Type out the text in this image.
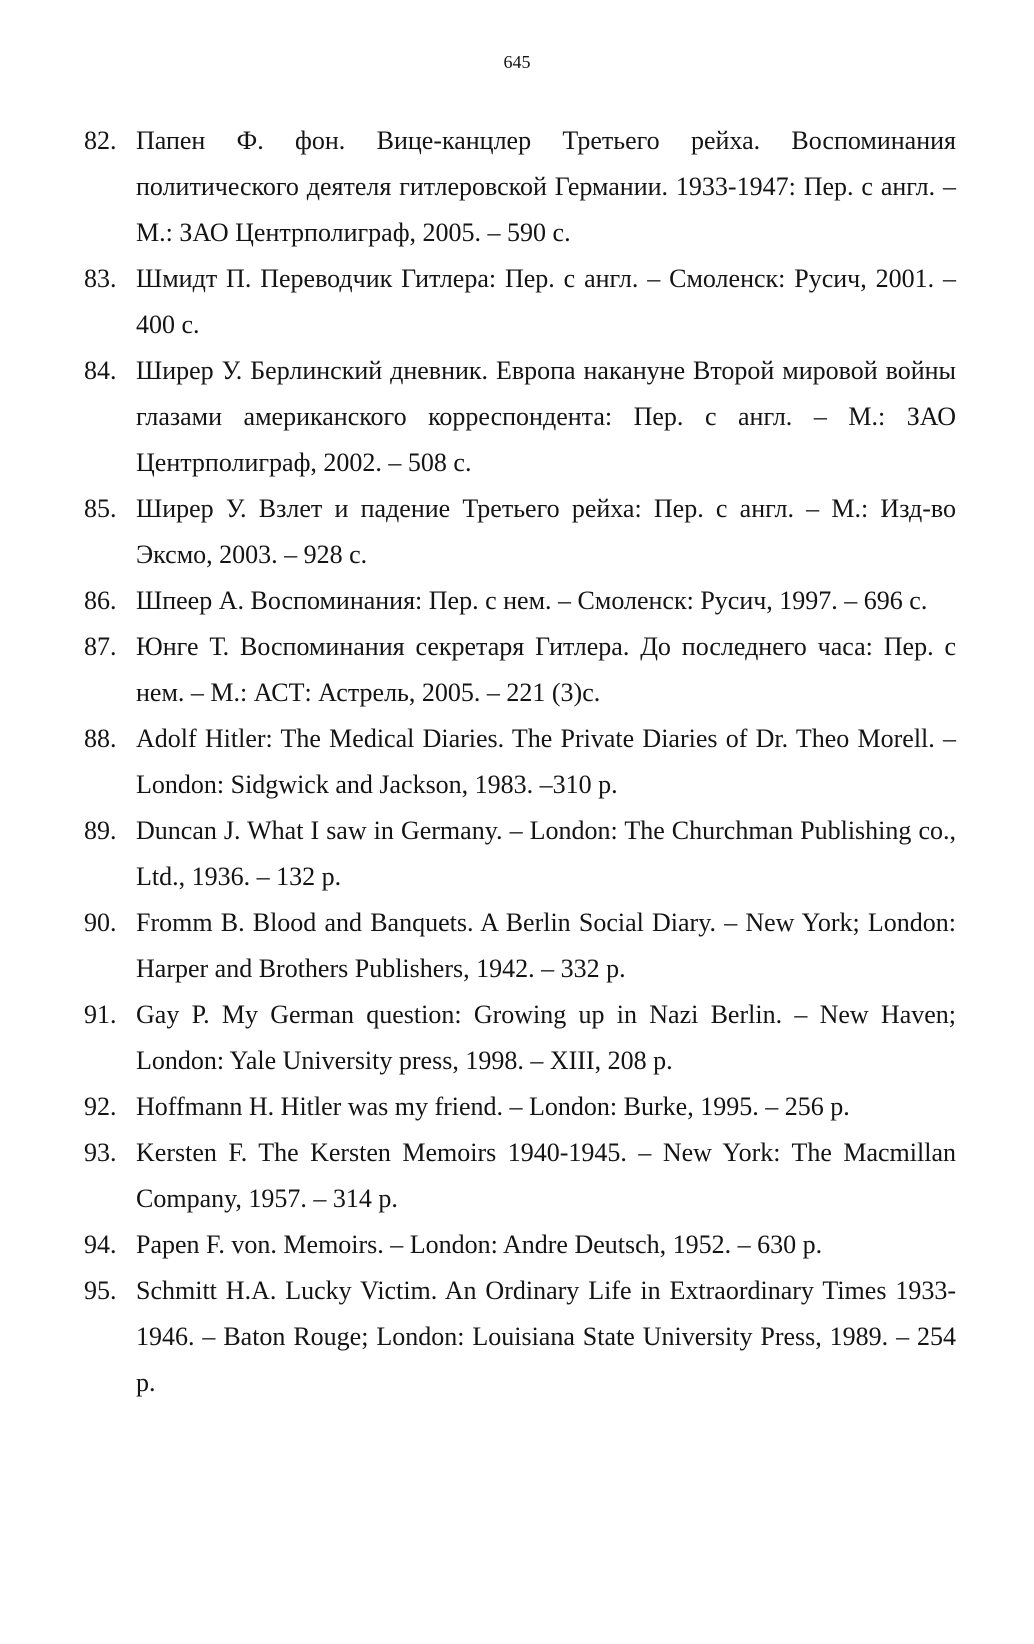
645
82. Папен Ф. фон. Вице-канцлер Третьего рейха. Воспоминания политического деятеля гитлеровской Германии. 1933-1947: Пер. с англ. – М.: ЗАО Центрполиграф, 2005. – 590 с.
83. Шмидт П. Переводчик Гитлера: Пер. с англ. – Смоленск: Русич, 2001. – 400 с.
84. Ширер У. Берлинский дневник. Европа накануне Второй мировой войны глазами американского корреспондента: Пер. с англ. – М.: ЗАО Центрполиграф, 2002. – 508 с.
85. Ширер У. Взлет и падение Третьего рейха: Пер. с англ. – М.: Изд-во Эксмо, 2003. – 928 с.
86. Шпеер А. Воспоминания: Пер. с нем. – Смоленск: Русич, 1997. – 696 с.
87. Юнге Т. Воспоминания секретаря Гитлера. До последнего часа: Пер. с нем. – М.: АСТ: Астрель, 2005. – 221 (3)с.
88. Adolf Hitler: The Medical Diaries. The Private Diaries of Dr. Theo Morell. – London: Sidgwick and Jackson, 1983. –310 p.
89. Duncan J. What I saw in Germany. – London: The Churchman Publishing co., Ltd., 1936. – 132 p.
90. Fromm B. Blood and Banquets. A Berlin Social Diary. – New York; London: Harper and Brothers Publishers, 1942. – 332 p.
91. Gay P. My German question: Growing up in Nazi Berlin. – New Haven; London: Yale University press, 1998. – XIII, 208 p.
92. Hoffmann H. Hitler was my friend. – London: Burke, 1995. – 256 p.
93. Kersten F. The Kersten Memoirs 1940-1945. – New York: The Macmillan Company, 1957. – 314 p.
94. Papen F. von. Memoirs. – London: Andre Deutsch, 1952. – 630 p.
95. Schmitt H.A. Lucky Victim. An Ordinary Life in Extraordinary Times 1933-1946. – Baton Rouge; London: Louisiana State University Press, 1989. – 254 p.
